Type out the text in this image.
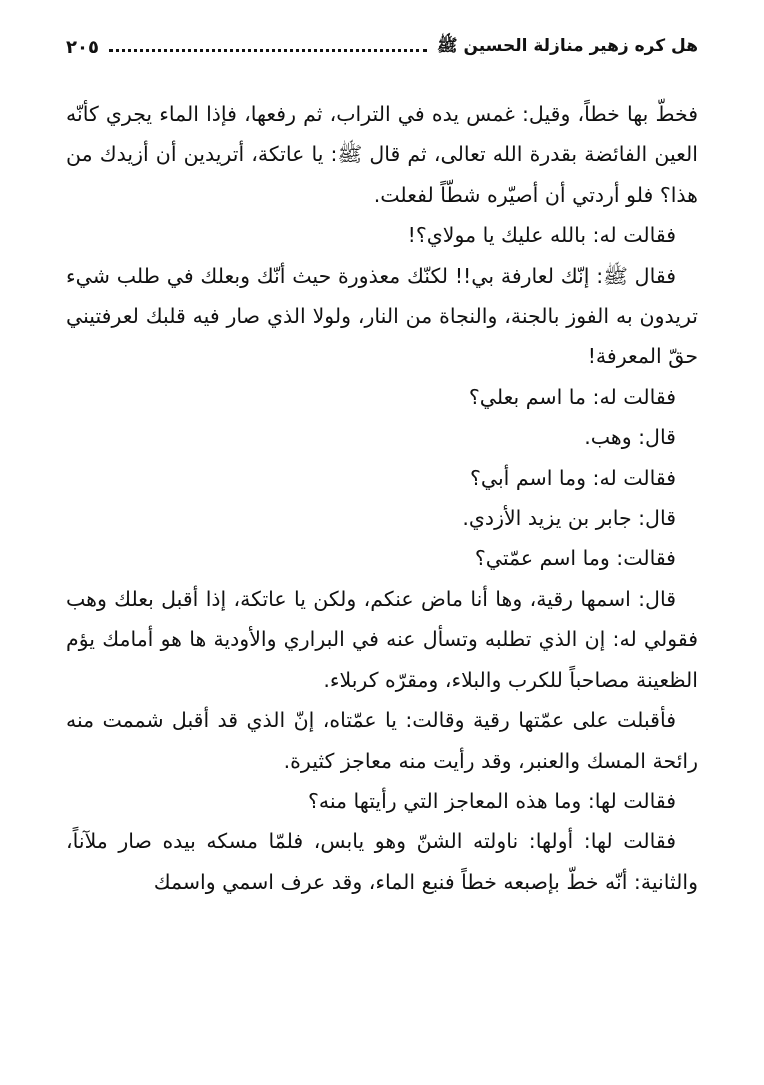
هل كره زهير منازلة الحسين ﷺ
٢٠٥

فخطّ بها خطاً، وقيل: غمس يده في التراب، ثم رفعها، فإذا الماء يجري كأنّه العين الفائضة بقدرة الله تعالى، ثم قال ﷺ: يا عاتكة، أتريدين أن أزيدك من هذا؟ فلو أردتي أن أصيّره شطّاً لفعلت.

فقالت له: بالله عليك يا مولاي؟!

فقال ﷺ: إنّك لعارفة بي!! لكنّك معذورة حيث أنّك وبعلك في طلب شيء تريدون به الفوز بالجنة، والنجاة من النار، ولولا الذي صار فيه قلبك لعرفتيني حقّ المعرفة!

فقالت له: ما اسم بعلي؟

قال: وهب.

فقالت له: وما اسم أبي؟

قال: جابر بن يزيد الأزدي.

فقالت: وما اسم عمّتي؟

قال: اسمها رقية، وها أنا ماض عنكم، ولكن يا عاتكة، إذا أقبل بعلك وهب فقولي له: إن الذي تطلبه وتسأل عنه في البراري والأودية ها هو أمامك يؤم الظعينة مصاحباً للكرب والبلاء، ومقرّه كربلاء.

فأقبلت على عمّتها رقية وقالت: يا عمّتاه، إنّ الذي قد أقبل شممت منه رائحة المسك والعنبر، وقد رأيت منه معاجز كثيرة.

فقالت لها: وما هذه المعاجز التي رأيتها منه؟

فقالت لها: أولها: ناولته الشنّ وهو يابس، فلمّا مسكه بيده صار ملآناً، والثانية: أنّه خطّ بإصبعه خطاً فنبع الماء، وقد عرف اسمي واسمك
